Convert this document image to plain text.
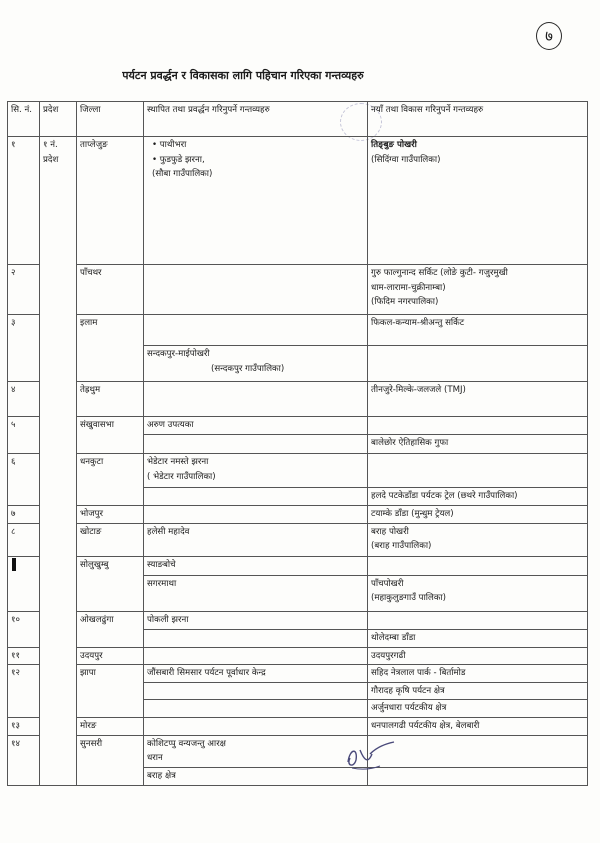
७
पर्यटन प्रवर्द्धन र विकासका लागि पहिचान गरिएका गन्तव्यहरु
सि. नं.	प्रदेश	जिल्ला	स्थापित तथा प्रवर्द्धन गरिनुपर्ने गन्तव्यहरु	नयाँ तथा विकास गरिनुपर्ने गन्तव्यहरु
१	१ नं. प्रदेश	ताप्लेजुङ	• पाथीभरा
• फुडफुडे झरना,
(सौबा गाउँपालिका)	तिङ्बुङ पोखरी
(सिदिंग्वा गाउँपालिका)

२		पाँचथर		गुरु फाल्गुनान्द सर्किट (लोङे कुटी- गजुरमुखी
धाम-लारामा-चुक्रीनाम्बा)
(फिदिम नगरपालिका)

३		इलाम		फिकल-कन्याम-श्रीअन्तु सर्किट

			सन्दकपुर-माईपोखरी
(सन्दकपुर गाउँपालिका)	

४		तेह्रथुम		तीनजुरे-मिल्के-जलजले (TMJ)

५		संखुवासभा	अरुण उपत्यका	

				बालेछोर ऐतिहासिक गुफा

६		धनकुटा	भेडेटार नमस्ते झरना
( भेडेटार गाउँपालिका)	

				हलदे पटकेडाँडा पर्यटक ट्रेल (छथरे गाउँपालिका)

७		भोजपुर		टयाम्के डाँडा (मुन्धुम ट्रेयल)

८		खोटाङ	हलेसी महादेव	बराह पोखरी
(बराह गाउँपालिका)

		सोलुखुम्बु	स्याङबोचे	

			सगरमाथा	पाँचपोखरी
(महाकुलुङगाउँ पालिका)

१०		ओखलढुंगा	पोकली झरना	

				थोलेदम्बा डाँडा

११		उदयपुर		उदयपुरगढी

१२		झापा	जौंसबारी सिमसार पर्यटन पूर्वाधार केन्द्र	सहिद नेत्रलाल पार्क - बिर्तामोड

				गौरादह कृषि पर्यटन क्षेत्र

				अर्जुनधारा पर्यटकीय क्षेत्र

१३		मोरङ		धनपालगढी पर्यटकीय क्षेत्र, बेलबारी

१४		सुनसरी	कोशिटप्पु वन्यजन्तु आरक्ष
धरान	

			बराह क्षेत्र	
